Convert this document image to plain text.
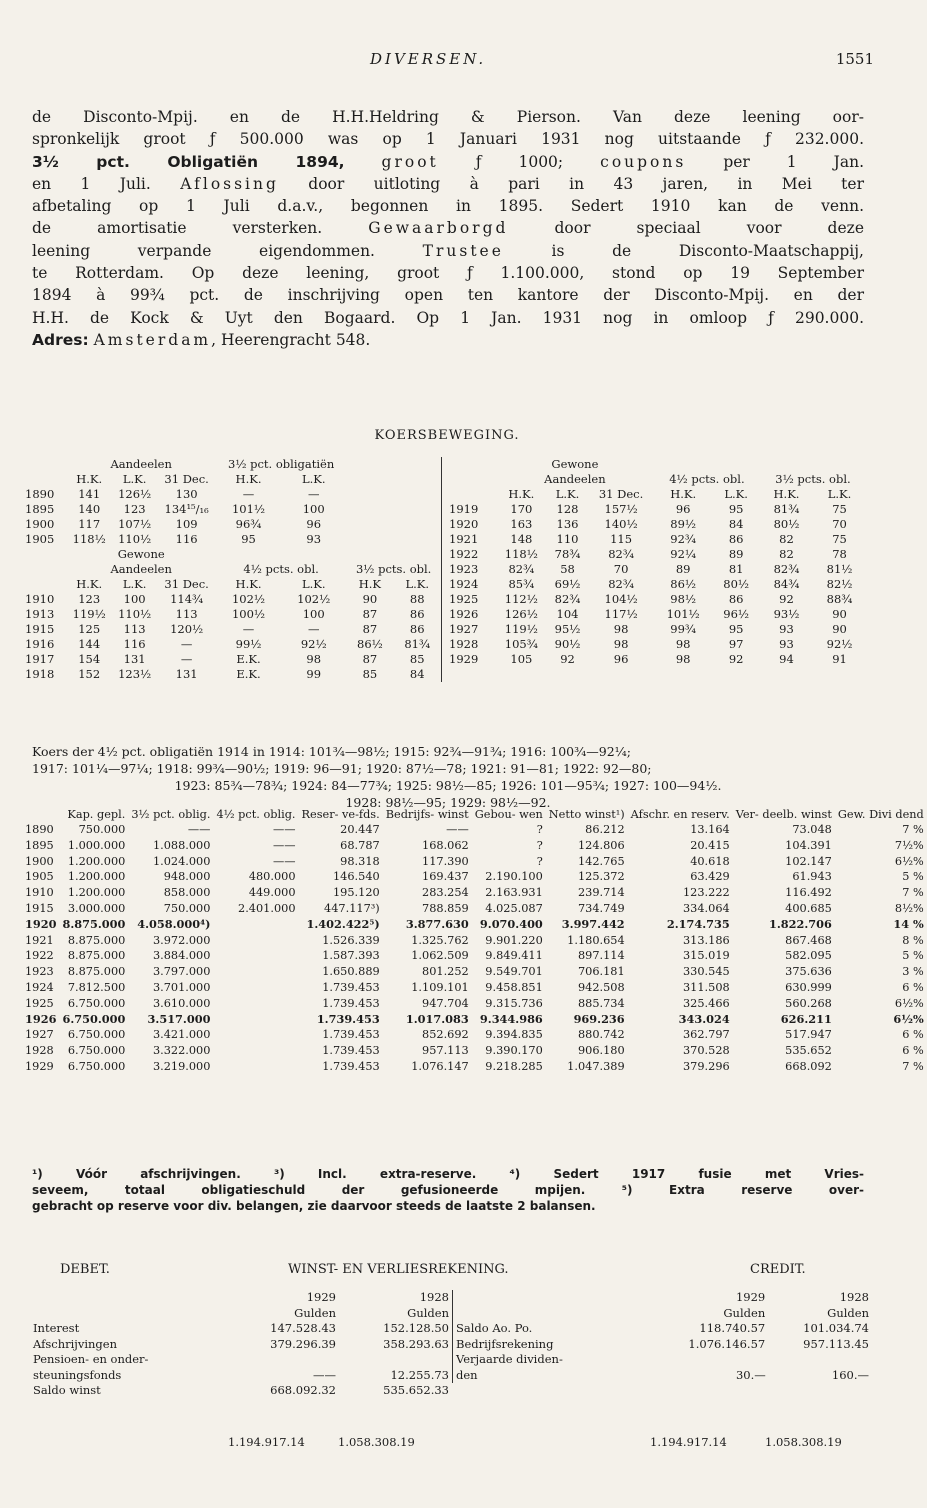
DIVERSEN.	1551
de Disconto-Mpij. en de H.H.Heldring & Pierson. Van deze leening oor-
spronkelijk groot ƒ 500.000 was op 1 Januari 1931 nog uitstaande ƒ 232.000.
3½ pct. Obligatiën 1894, groot ƒ 1000; coupons per 1 Jan.
en 1 Juli. Aflossing door uitloting à pari in 43 jaren, in Mei ter
afbetaling op 1 Juli d.a.v., begonnen in 1895. Sedert 1910 kan de venn.
de amortisatie versterken. Gewaarborgd door speciaal voor deze
leening verpande eigendommen. Trustee is de Disconto-Maatschappij,
te Rotterdam. Op deze leening, groot ƒ 1.100.000, stond op 19 September
1894 à 99¾ pct. de inschrijving open ten kantore der Disconto-Mpij. en der
H.H. de Kock & Uyt den Bogaard. Op 1 Jan. 1931 nog in omloop ƒ 290.000.
Adres: Amsterdam, Heerengracht 548.
KOERSBEWEGING.
	Aandeelen			3½ pct. obligatiën			
	H.K.	L.K.	31 Dec.	H.K.	L.K.		
1890	141	126½	130	—	—		
1895	140	123	134¹⁵/₁₆	101½	100		
1900	117	107½	109	96¾	96		
1905	118½	110½	116	95	93		
	Gewone						
	Aandeelen			4½ pcts. obl.		3½ pcts. obl.	
	H.K.	L.K.	31 Dec.	H.K.	L.K.	H.K	L.K.
1910	123	100	114¾	102½	102½	90	88
1913	119½	110½	113	100½	100	87	86
1915	125	113	120½	—	—	87	86
1916	144	116	—	99½	92½	86½	81¾
1917	154	131	—	E.K.	98	87	85
1918	152	123½	131	E.K.	99	85	84
	Gewone						
	Aandeelen			4½ pcts. obl.		3½ pcts. obl.	
	H.K.	L.K.	31 Dec.	H.K.	L.K.	H.K.	L.K.
1919	170	128	157½	96	95	81¾	75
1920	163	136	140½	89½	84	80½	70
1921	148	110	115	92¾	86	82	75
1922	118½	78¾	82¾	92¼	89	82	78
1923	82¾	58	70	89	81	82¾	81½
1924	85¾	69½	82¾	86½	80½	84¾	82½
1925	112½	82¾	104½	98½	86	92	88¾
1926	126½	104	117½	101½	96½	93½	90
1927	119½	95½	98	99¾	95	93	90
1928	105¾	90½	98	98	97	93	92½
1929	105	92	96	98	92	94	91
Koers der 4½ pct. obligatiën 1914 in 1914: 101¾—98½; 1915: 92¾—91¾; 1916: 100¾—92¼;
1917: 101¼—97¼; 1918: 99¾—90½; 1919: 96—91; 1920: 87½—78; 1921: 91—81; 1922: 92—80;
1923: 85¾—78¾; 1924: 84—77¾; 1925: 98½—85; 1926: 101—95¾; 1927: 100—94½.
1928: 98½—95; 1929: 98½—92.
	Kap. gepl.	3½ pct. oblig.	4½ pct. oblig.	Reser- ve-fds.	Bedrijfs- winst	Gebou- wen	Netto winst¹)	Afschr. en reserv.	Ver- deelb. winst	Gew. Divi dend
1890	750.000	——	——	20.447	——	?	86.212	13.164	73.048	7 %
1895	1.000.000	1.088.000	——	68.787	168.062	?	124.806	20.415	104.391	7½%
1900	1.200.000	1.024.000	——	98.318	117.390	?	142.765	40.618	102.147	6½%
1905	1.200.000	948.000	480.000	146.540	169.437	2.190.100	125.372	63.429	61.943	5 %
1910	1.200.000	858.000	449.000	195.120	283.254	2.163.931	239.714	123.222	116.492	7 %
1915	3.000.000	750.000	2.401.000	447.117³)	788.859	4.025.087	734.749	334.064	400.685	8½%
1920	8.875.000	4.058.000⁴)		1.402.422⁵)	3.877.630	9.070.400	3.997.442	2.174.735	1.822.706	14 %
1921	8.875.000	3.972.000		1.526.339	1.325.762	9.901.220	1.180.654	313.186	867.468	8 %
1922	8.875.000	3.884.000		1.587.393	1.062.509	9.849.411	897.114	315.019	582.095	5 %
1923	8.875.000	3.797.000		1.650.889	801.252	9.549.701	706.181	330.545	375.636	3 %
1924	7.812.500	3.701.000		1.739.453	1.109.101	9.458.851	942.508	311.508	630.999	6 %
1925	6.750.000	3.610.000		1.739.453	947.704	9.315.736	885.734	325.466	560.268	6½%
1926	6.750.000	3.517.000		1.739.453	1.017.083	9.344.986	969.236	343.024	626.211	6½%
1927	6.750.000	3.421.000		1.739.453	852.692	9.394.835	880.742	362.797	517.947	6 %
1928	6.750.000	3.322.000		1.739.453	957.113	9.390.170	906.180	370.528	535.652	6 %
1929	6.750.000	3.219.000		1.739.453	1.076.147	9.218.285	1.047.389	379.296	668.092	7 %
¹) Vóór afschrijvingen. ³) Incl. extra-reserve. ⁴) Sedert 1917 fusie met Vries-
seveem, totaal obligatieschuld der gefusioneerde mpijen. ⁵) Extra reserve over-
gebracht op reserve voor div. belangen, zie daarvoor steeds de laatste 2 balansen.
DEBET.	WINST- EN VERLIESREKENING.	CREDIT.
	1929	1928
	Gulden	Gulden
Interest	147.528.43	152.128.50
Afschrijvingen	379.296.39	358.293.63
Pensioen- en onder-		
steuningsfonds	——	12.255.73
Saldo winst	668.092.32	535.652.33
	1929	1928
	Gulden	Gulden
Saldo Ao. Po.	118.740.57	101.034.74
Bedrijfsrekening	1.076.146.57	957.113.45
Verjaarde dividen-		
den	30.—	160.—
1.194.917.14	1.058.308.19	1.194.917.14	1.058.308.19
